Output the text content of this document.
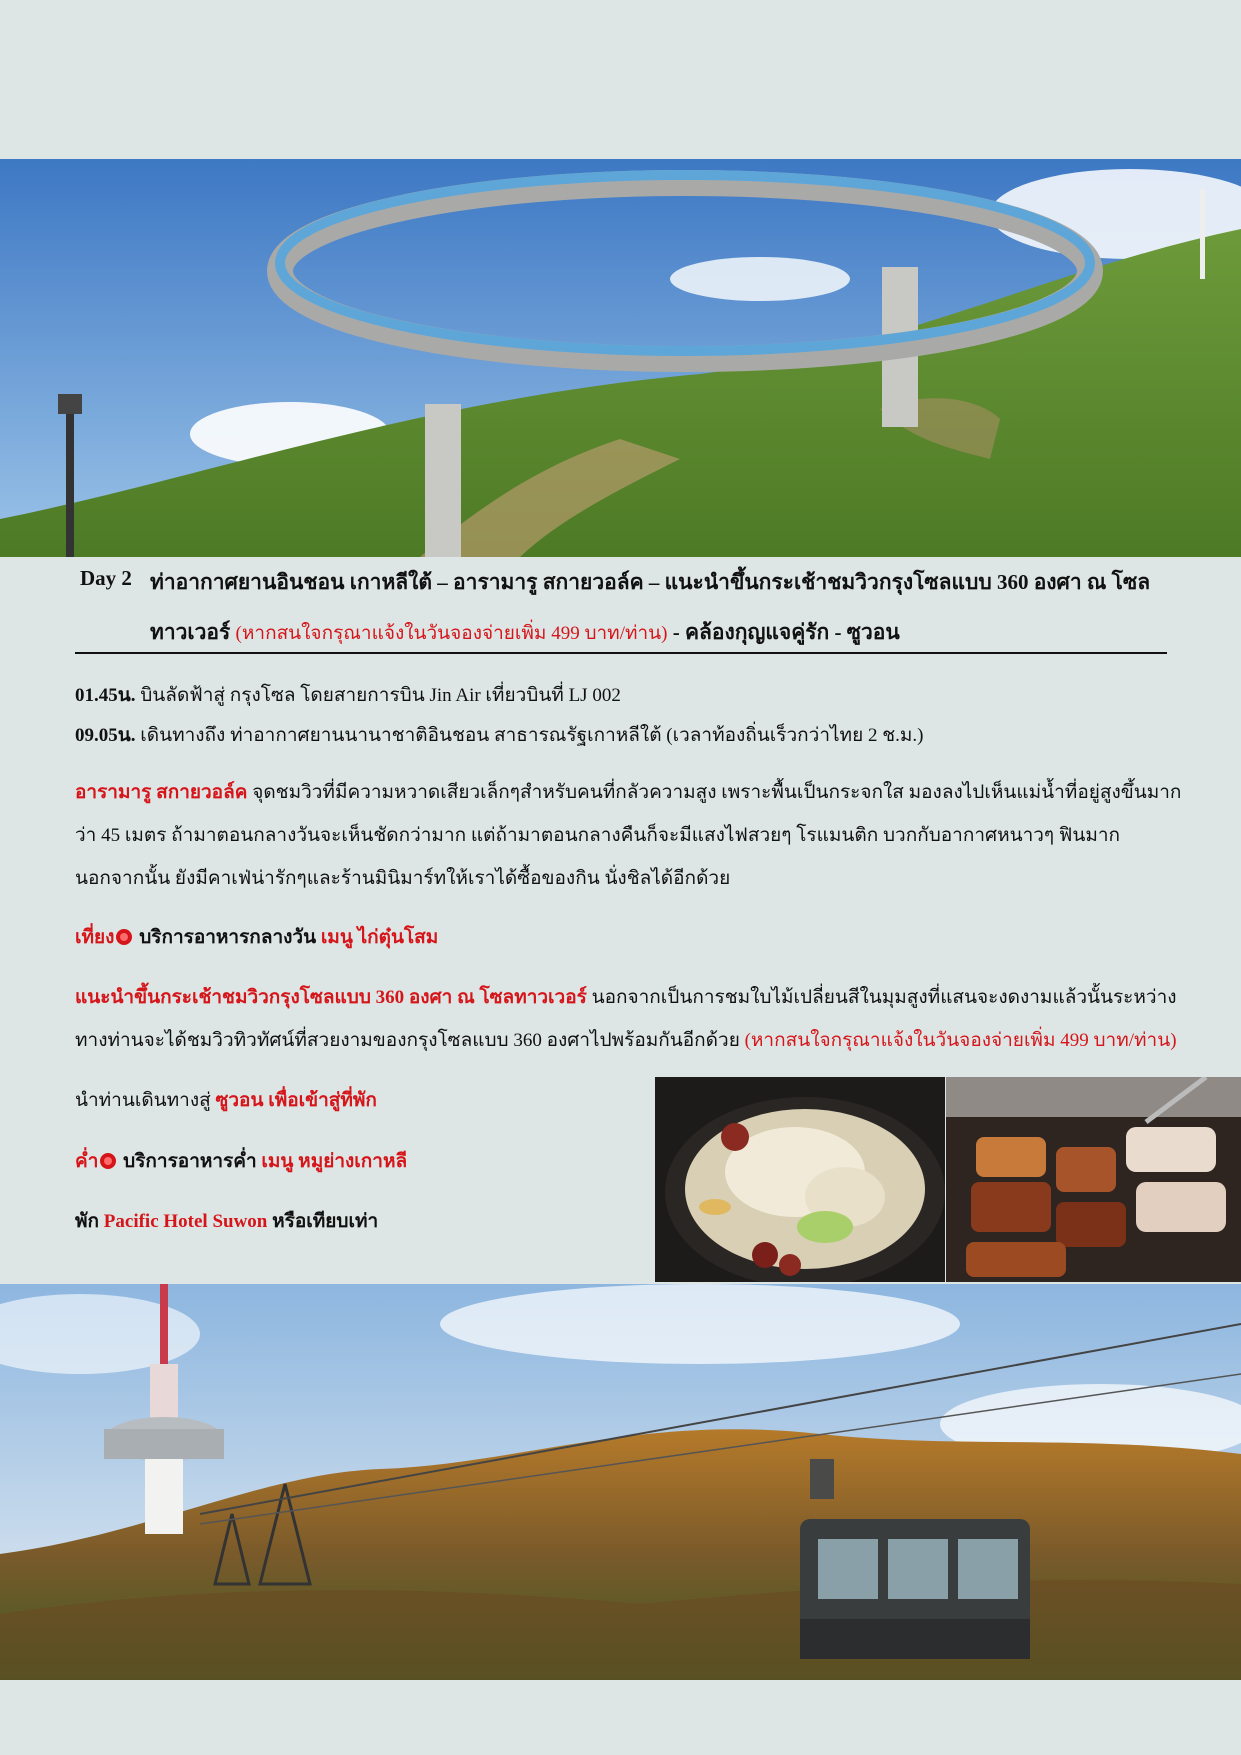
Day 2 ท่าอากาศยานอินชอน เกาหลีใต้ – อารามารู สกายวอล์ค – แนะนำขึ้นกระเช้าชมวิวกรุงโซลแบบ 360 องศา ณ โซล
ทาวเวอร์ (หากสนใจกรุณาแจ้งในวันจองจ่ายเพิ่ม 499 บาท/ท่าน) - คล้องกุญแจคู่รัก - ซูวอน
01.45น. บินลัดฟ้าสู่ กรุงโซล โดยสายการบิน Jin Air เที่ยวบินที่ LJ 002
09.05น. เดินทางถึง ท่าอากาศยานนานาชาติอินชอน สาธารณรัฐเกาหลีใต้ (เวลาท้องถิ่นเร็วกว่าไทย 2 ช.ม.)
อารามารู สกายวอล์ค จุดชมวิวที่มีความหวาดเสียวเล็กๆสำหรับคนที่กลัวความสูง เพราะพื้นเป็นกระจกใส มองลงไปเห็นแม่น้ำที่อยู่สูงขึ้นมาก
ว่า 45 เมตร ถ้ามาตอนกลางวันจะเห็นชัดกว่ามาก แต่ถ้ามาตอนกลางคืนก็จะมีแสงไฟสวยๆ โรแมนติก บวกกับอากาศหนาวๆ ฟินมาก
นอกจากนั้น ยังมีคาเฟ่น่ารักๆและร้านมินิมาร์ทให้เราได้ซื้อของกิน นั่งชิลได้อีกด้วย
เที่ยง บริการอาหารกลางวัน เมนู ไก่ตุ๋นโสม
แนะนำขึ้นกระเช้าชมวิวกรุงโซลแบบ 360 องศา ณ โซลทาวเวอร์ นอกจากเป็นการชมใบไม้เปลี่ยนสีในมุมสูงที่แสนจะงดงามแล้วนั้นระหว่าง
ทางท่านจะได้ชมวิวทิวทัศน์ที่สวยงามของกรุงโซลแบบ 360 องศาไปพร้อมกันอีกด้วย (หากสนใจกรุณาแจ้งในวันจองจ่ายเพิ่ม 499 บาท/ท่าน)
นำท่านเดินทางสู่ ซูวอน เพื่อเข้าสู่ที่พัก
ค่ำ บริการอาหารค่ำ เมนู หมูย่างเกาหลี
พัก Pacific Hotel Suwon หรือเทียบเท่า
